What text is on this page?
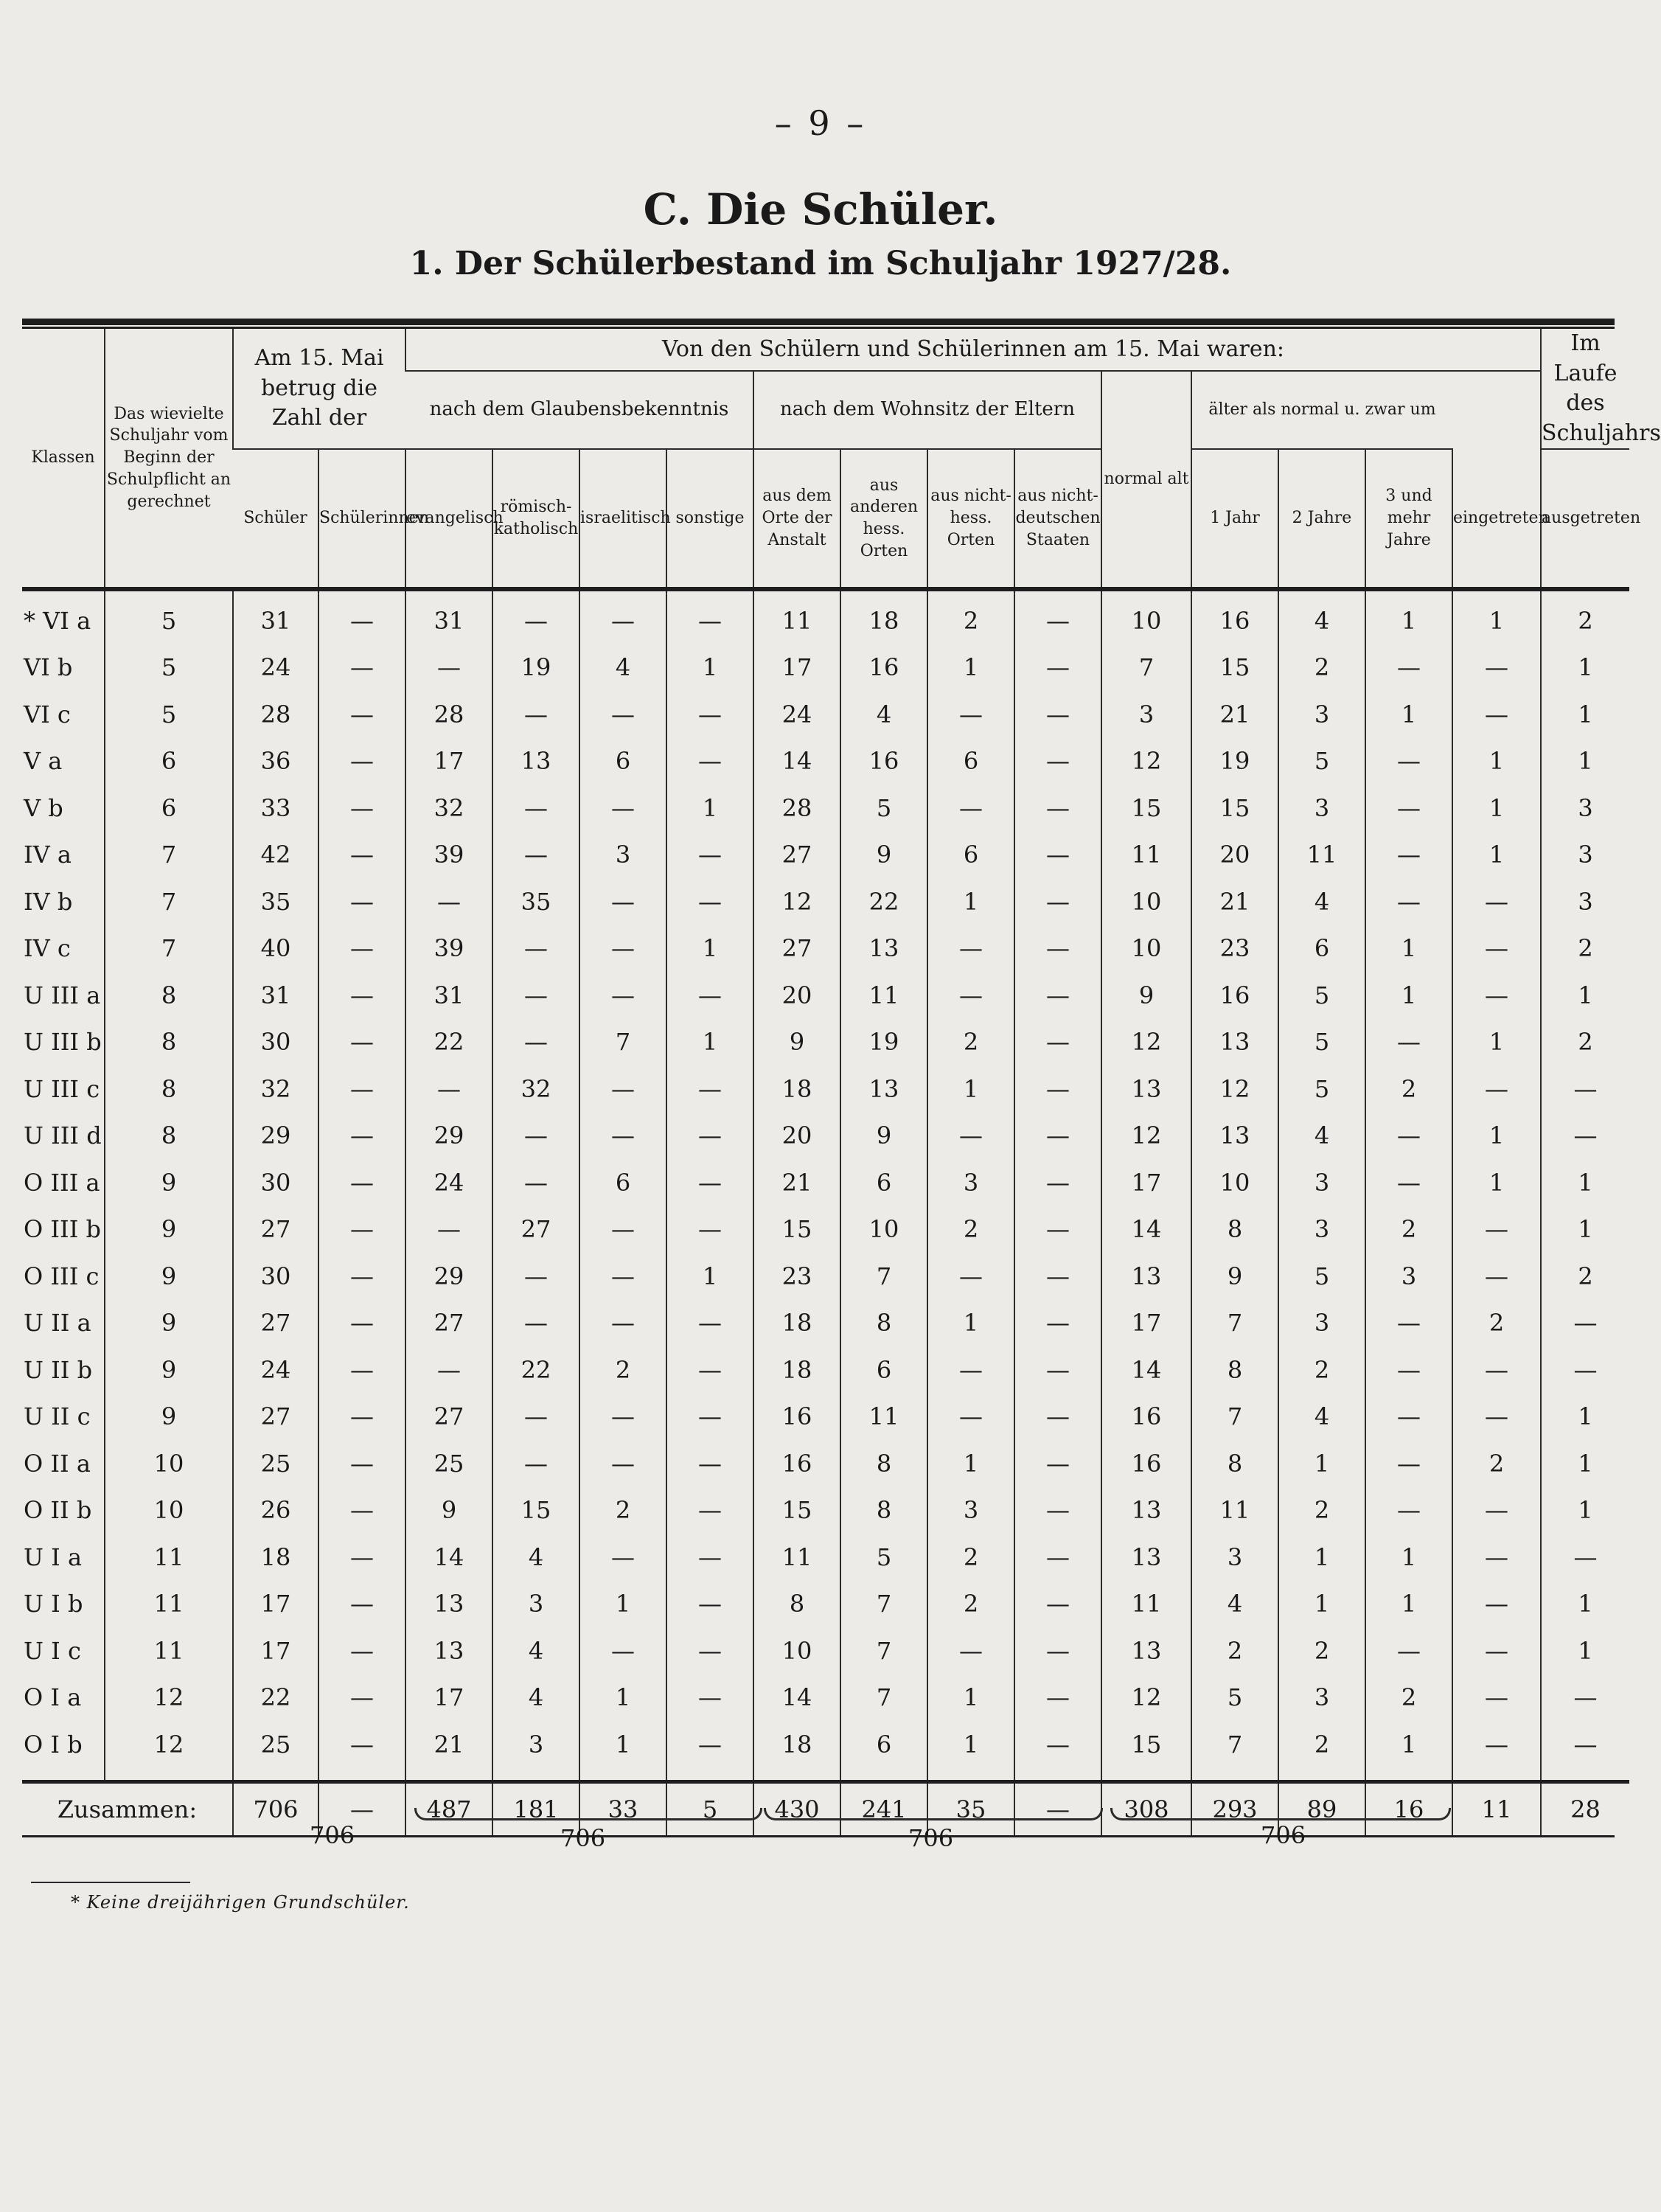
– 9 –
C. Die Schüler.
1. Der Schülerbestand im Schuljahr 1927/28.
Klassen	Das wievielte Schuljahr vom Beginn der Schulpflicht an gerechnet	Am 15. Mai betrug die Zahl der		Von den Schülern und Schülerinnen am 15. Mai waren:													Im Laufe des Schuljahrs
				nach dem Glaubensbekenntnis				nach dem Wohnsitz der Eltern				normal alt	älter als normal u. zwar um				
		Schüler	Schülerinnen	evangelisch	römisch-katholisch	israelitisch	sonstige	aus dem Orte der Anstalt	aus anderen hess. Orten	aus nicht-hess. Orten	aus nicht-deutschen Staaten		1 Jahr	2 Jahre	3 und mehr Jahre	eingetreten	ausgetreten
* VI a	5	31	—	31	—	—	—	11	18	2	—	10	16	4	1	1	2
VI b	5	24	—	—	19	4	1	17	16	1	—	7	15	2	—	—	1
VI c	5	28	—	28	—	—	—	24	4	—	—	3	21	3	1	—	1
V a	6	36	—	17	13	6	—	14	16	6	—	12	19	5	—	1	1
V b	6	33	—	32	—	—	1	28	5	—	—	15	15	3	—	1	3
IV a	7	42	—	39	—	3	—	27	9	6	—	11	20	11	—	1	3
IV b	7	35	—	—	35	—	—	12	22	1	—	10	21	4	—	—	3
IV c	7	40	—	39	—	—	1	27	13	—	—	10	23	6	1	—	2
U III a	8	31	—	31	—	—	—	20	11	—	—	9	16	5	1	—	1
U III b	8	30	—	22	—	7	1	9	19	2	—	12	13	5	—	1	2
U III c	8	32	—	—	32	—	—	18	13	1	—	13	12	5	2	—	—
U III d	8	29	—	29	—	—	—	20	9	—	—	12	13	4	—	1	—
O III a	9	30	—	24	—	6	—	21	6	3	—	17	10	3	—	1	1
O III b	9	27	—	—	27	—	—	15	10	2	—	14	8	3	2	—	1
O III c	9	30	—	29	—	—	1	23	7	—	—	13	9	5	3	—	2
U II a	9	27	—	27	—	—	—	18	8	1	—	17	7	3	—	2	—
U II b	9	24	—	—	22	2	—	18	6	—	—	14	8	2	—	—	—
U II c	9	27	—	27	—	—	—	16	11	—	—	16	7	4	—	—	1
O II a	10	25	—	25	—	—	—	16	8	1	—	16	8	1	—	2	1
O II b	10	26	—	9	15	2	—	15	8	3	—	13	11	2	—	—	1
U I a	11	18	—	14	4	—	—	11	5	2	—	13	3	1	1	—	—
U I b	11	17	—	13	3	1	—	8	7	2	—	11	4	1	1	—	1
U I c	11	17	—	13	4	—	—	10	7	—	—	13	2	2	—	—	1
O I a	12	22	—	17	4	1	—	14	7	1	—	12	5	3	2	—	—
O I b	12	25	—	21	3	1	—	18	6	1	—	15	7	2	1	—	—
Zusammen:		706	—	487	181	33	5	430	241	35	—	308	293	89	16	11	28
706	706	706	706
* Keine dreijährigen Grundschüler.
